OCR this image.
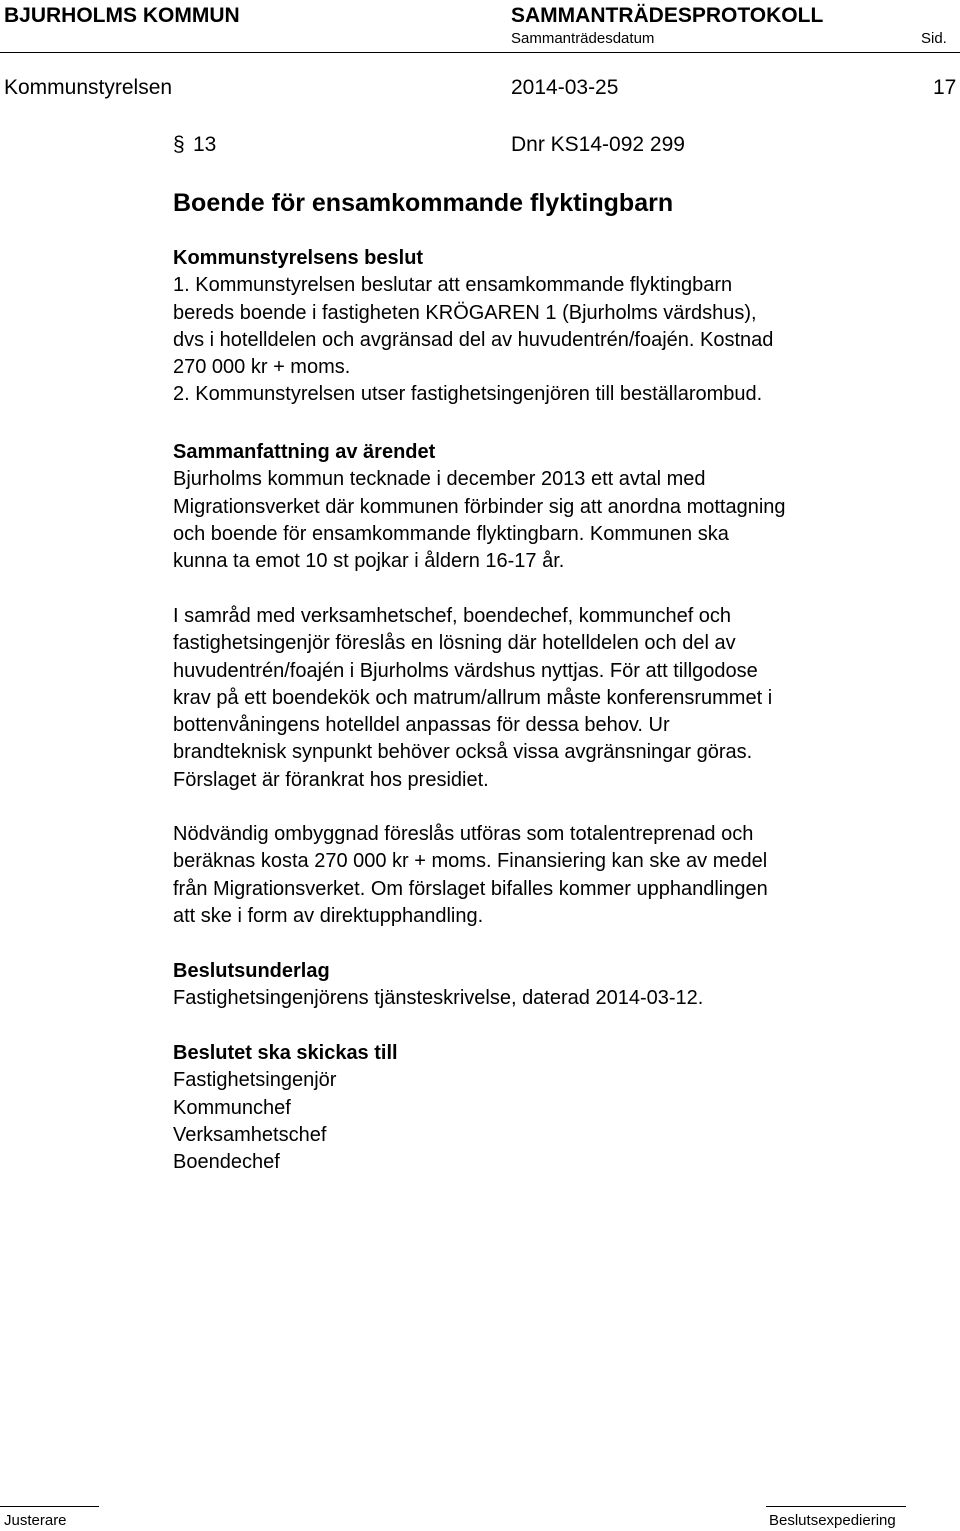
BJURHOLMS KOMMUN	SAMMANTRÄDESPROTOKOLL
Sammanträdesdatum	Sid.
Kommunstyrelsen	2014-03-25	17
§ 13	Dnr KS14-092 299
Boende för ensamkommande flyktingbarn
Kommunstyrelsens beslut
1. Kommunstyrelsen beslutar att ensamkommande flyktingbarn
bereds boende i fastigheten KRÖGAREN 1 (Bjurholms värdshus),
dvs i hotelldelen och avgränsad del av huvudentrén/foajén. Kostnad
270 000 kr + moms.
2. Kommunstyrelsen utser fastighetsingenjören till beställarombud.
Sammanfattning av ärendet
Bjurholms kommun tecknade i december 2013 ett avtal med
Migrationsverket där kommunen förbinder sig att anordna mottagning
och boende för ensamkommande flyktingbarn. Kommunen ska
kunna ta emot 10 st pojkar i åldern 16-17 år.
I samråd med verksamhetschef, boendechef, kommunchef och
fastighetsingenjör föreslås en lösning där hotelldelen och del av
huvudentrén/foajén i Bjurholms värdshus nyttjas. För att tillgodose
krav på ett boendekök och matrum/allrum måste konferensrummet i
bottenvåningens hotelldel anpassas för dessa behov. Ur
brandteknisk synpunkt behöver också vissa avgränsningar göras.
Förslaget är förankrat hos presidiet.
Nödvändig ombyggnad föreslås utföras som totalentreprenad och
beräknas kosta 270 000 kr + moms. Finansiering kan ske av medel
från Migrationsverket. Om förslaget bifalles kommer upphandlingen
att ske i form av direktupphandling.
Beslutsunderlag
Fastighetsingenjörens tjänsteskrivelse, daterad 2014-03-12.
Beslutet ska skickas till
Fastighetsingenjör
Kommunchef
Verksamhetschef
Boendechef
Justerare	Beslutsexpediering
